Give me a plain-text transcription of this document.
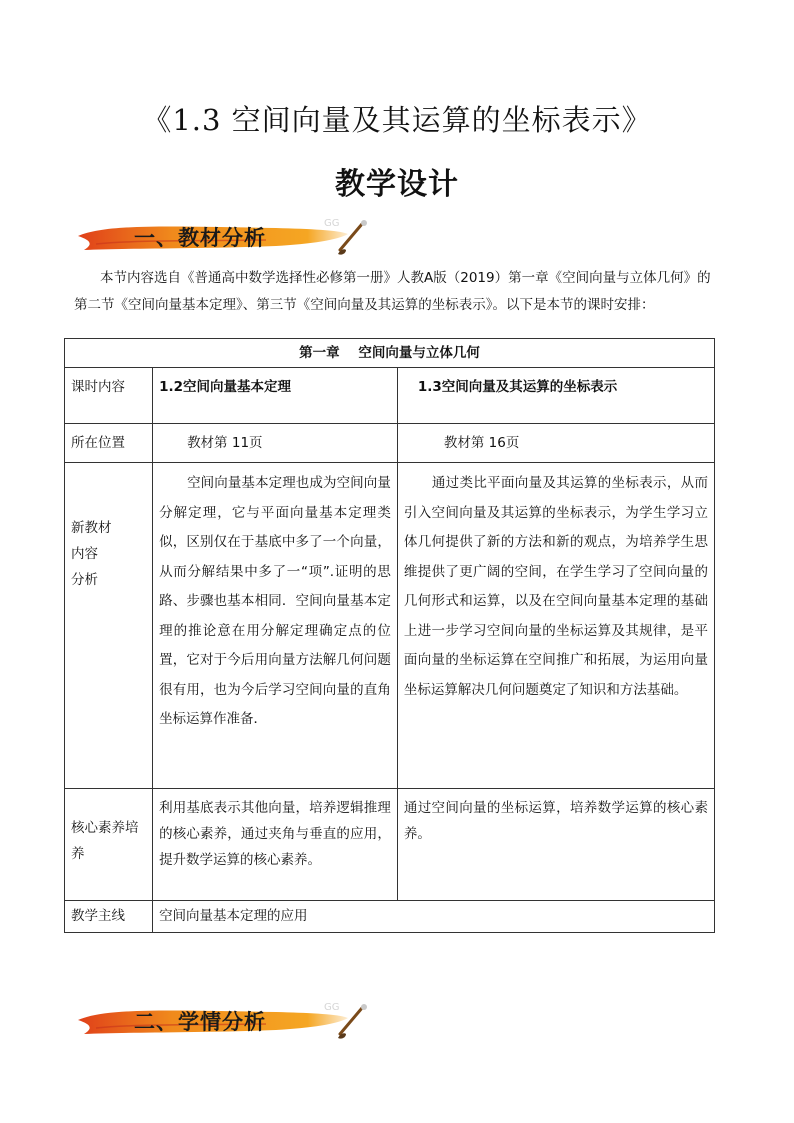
《1.3 空间向量及其运算的坐标表示》
教学设计
GG
一、教材分析

本节内容选自《普通高中数学选择性必修第一册》人教A版（2019）第一章《空间向量与立体几何》的第二节《空间向量基本定理》、第三节《空间向量及其运算的坐标表示》。以下是本节的课时安排：

第一章    空间向量与立体几何		
课时内容	1.2空间向量基本定理	1.3空间向量及其运算的坐标表示
所在位置	教材第 11页	教材第 16页

新教材
内容
分析	空间向量基本定理也成为空间向量分解定理，它与平面向量基本定理类似，区别仅在于基底中多了一个向量，从而分解结果中多了一“项”.证明的思路、步骤也基本相同．空间向量基本定理的推论意在用分解定理确定点的位置，它对于今后用向量方法解几何问题很有用，也为今后学习空间向量的直角坐标运算作准备．	通过类比平面向量及其运算的坐标表示，从而引入空间向量及其运算的坐标表示，为学生学习立体几何提供了新的方法和新的观点，为培养学生思维提供了更广阔的空间，在学生学习了空间向量的几何形式和运算，以及在空间向量基本定理的基础上进一步学习空间向量的坐标运算及其规律，是平面向量的坐标运算在空间推广和拓展，为运用向量坐标运算解决几何问题奠定了知识和方法基础。
核心素养培养	利用基底表示其他向量，培养逻辑推理的核心素养，通过夹角与垂直的应用，提升数学运算的核心素养。	通过空间向量的坐标运算，培养数学运算的核心素养。
教学主线	空间向量基本定理的应用	
GG
二、学情分析
